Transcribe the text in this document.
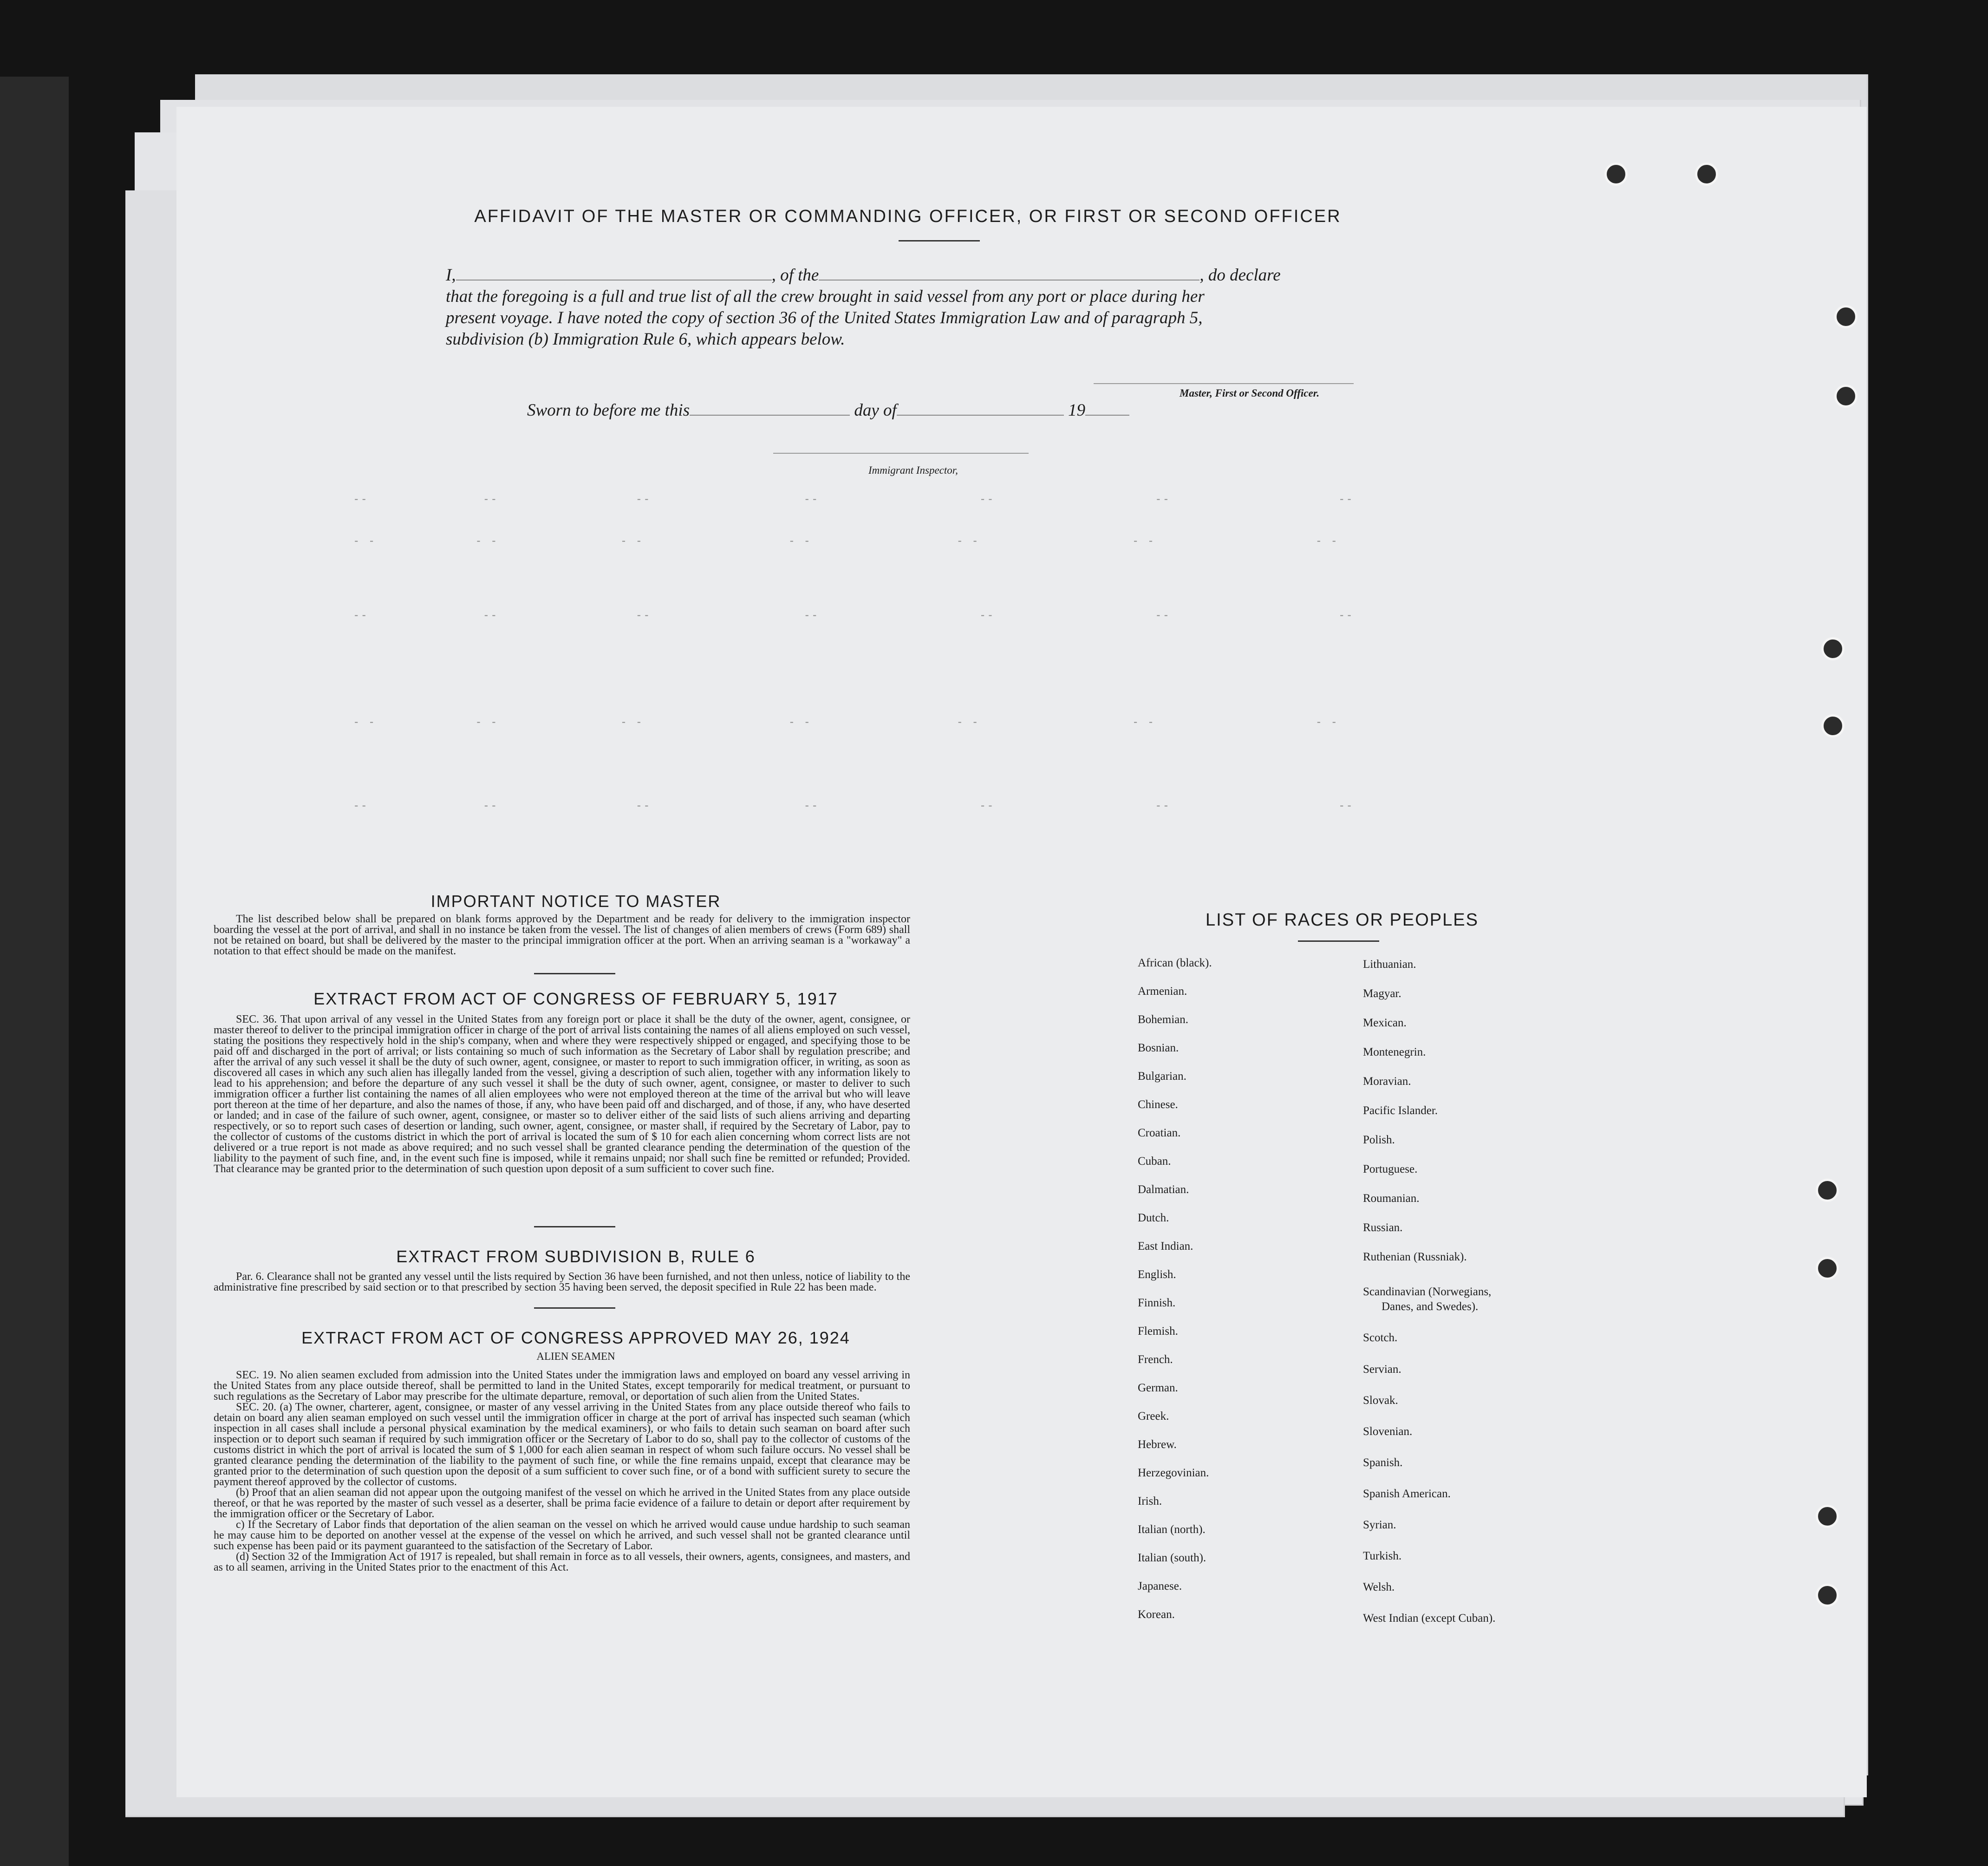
AFFIDAVIT OF THE MASTER OR COMMANDING OFFICER, OR FIRST OR SECOND OFFICER
I,	, of the	, do declare
that the foregoing is a full and true list of all the crew brought in said vessel from any port or place during her
present voyage. I have noted the copy of section 36 of the United States Immigration Law and of paragraph 5,
subdivision (b) Immigration Rule 6, which appears below.
Master, First or Second Officer.
Sworn to before me this	day of	19
Immigrant Inspector,
--               --                  --                    --                     --                     --                      --
- -             - -                - -                   - -                   - -                    - -                     - -
--               --                  --                    --                     --                     --                      --
- -             - -                - -                   - -                   - -                    - -                     - -
--               --                  --                    --                     --                     --                      --
IMPORTANT NOTICE TO MASTER

The list described below shall be prepared on blank forms approved by the Department and be ready for delivery to the immigration inspector boarding the vessel at the port of arrival, and shall in no instance be taken from the vessel. The list of changes of alien members of crews (Form 689) shall not be retained on board, but shall be delivered by the master to the principal immigration officer at the port. When an arriving seaman is a "workaway" a notation to that effect should be made on the manifest.

EXTRACT FROM ACT OF CONGRESS OF FEBRUARY 5, 1917

SEC. 36. That upon arrival of any vessel in the United States from any foreign port or place it shall be the duty of the owner, agent, consignee, or master thereof to deliver to the principal immigration officer in charge of the port of arrival lists containing the names of all aliens employed on such vessel, stating the positions they respectively hold in the ship's company, when and where they were respectively shipped or engaged, and specifying those to be paid off and discharged in the port of arrival; or lists containing so much of such information as the Secretary of Labor shall by regulation prescribe; and after the arrival of any such vessel it shall be the duty of such owner, agent, consignee, or master to report to such immigration officer, in writing, as soon as discovered all cases in which any such alien has illegally landed from the vessel, giving a description of such alien, together with any information likely to lead to his apprehension; and before the departure of any such vessel it shall be the duty of such owner, agent, consignee, or master to deliver to such immigration officer a further list containing the names of all alien employees who were not employed thereon at the time of the arrival but who will leave port thereon at the time of her departure, and also the names of those, if any, who have been paid off and discharged, and of those, if any, who have deserted or landed; and in case of the failure of such owner, agent, consignee, or master so to deliver either of the said lists of such aliens arriving and departing respectively, or so to report such cases of desertion or landing, such owner, agent, consignee, or master shall, if required by the Secretary of Labor, pay to the collector of customs of the customs district in which the port of arrival is located the sum of $ 10 for each alien concerning whom correct lists are not delivered or a true report is not made as above required; and no such vessel shall be granted clearance pending the determination of the question of the liability to the payment of such fine, and, in the event such fine is imposed, while it remains unpaid; nor shall such fine be remitted or refunded; Provided. That clearance may be granted prior to the determination of such question upon deposit of a sum sufficient to cover such fine.

EXTRACT FROM SUBDIVISION B, RULE 6

Par. 6. Clearance shall not be granted any vessel until the lists required by Section 36 have been furnished, and not then unless, notice of liability to the administrative fine prescribed by said section or to that prescribed by section 35 having been served, the deposit specified in Rule 22 has been made.

EXTRACT FROM ACT OF CONGRESS APPROVED MAY 26, 1924
ALIEN SEAMEN

SEC. 19. No alien seamen excluded from admission into the United States under the immigration laws and employed on board any vessel arriving in the United States from any place outside thereof, shall be permitted to land in the United States, except temporarily for medical treatment, or pursuant to such regulations as the Secretary of Labor may prescribe for the ultimate departure, removal, or deportation of such alien from the United States.

SEC. 20. (a) The owner, charterer, agent, consignee, or master of any vessel arriving in the United States from any place outside thereof who fails to detain on board any alien seaman employed on such vessel until the immigration officer in charge at the port of arrival has inspected such seaman (which inspection in all cases shall include a personal physical examination by the medical examiners), or who fails to detain such seaman on board after such inspection or to deport such seaman if required by such immigration officer or the Secretary of Labor to do so, shall pay to the collector of customs of the customs district in which the port of arrival is located the sum of $ 1,000 for each alien seaman in respect of whom such failure occurs. No vessel shall be granted clearance pending the determination of the liability to the payment of such fine, or while the fine remains unpaid, except that clearance may be granted prior to the determination of such question upon the deposit of a sum sufficient to cover such fine, or of a bond with sufficient surety to secure the payment thereof approved by the collector of customs.

(b) Proof that an alien seaman did not appear upon the outgoing manifest of the vessel on which he arrived in the United States from any place outside thereof, or that he was reported by the master of such vessel as a deserter, shall be prima facie evidence of a failure to detain or deport after requirement by the immigration officer or the Secretary of Labor.

c) If the Secretary of Labor finds that deportation of the alien seaman on the vessel on which he arrived would cause undue hardship to such seaman he may cause him to be deported on another vessel at the expense of the vessel on which he arrived, and such vessel shall not be granted clearance until such expense has been paid or its payment guaranteed to the satisfaction of the Secretary of Labor.

(d) Section 32 of the Immigration Act of 1917 is repealed, but shall remain in force as to all vessels, their owners, agents, consignees, and masters, and as to all seamen, arriving in the United States prior to the enactment of this Act.

LIST OF RACES OR PEOPLES
African (black).
Armenian.
Bohemian.
Bosnian.
Bulgarian.
Chinese.
Croatian.
Cuban.
Dalmatian.
Dutch.
East Indian.
English.
Finnish.
Flemish.
French.
German.
Greek.
Hebrew.
Herzegovinian.
Irish.
Italian (north).
Italian (south).
Japanese.
Korean.
Lithuanian.
Magyar.
Mexican.
Montenegrin.
Moravian.
Pacific Islander.
Polish.
Portuguese.
Roumanian.
Russian.
Ruthenian (Russniak).
Scandinavian (Norwegians,
Danes, and Swedes).
Scotch.
Servian.
Slovak.
Slovenian.
Spanish.
Spanish American.
Syrian.
Turkish.
Welsh.
West Indian (except Cuban).
